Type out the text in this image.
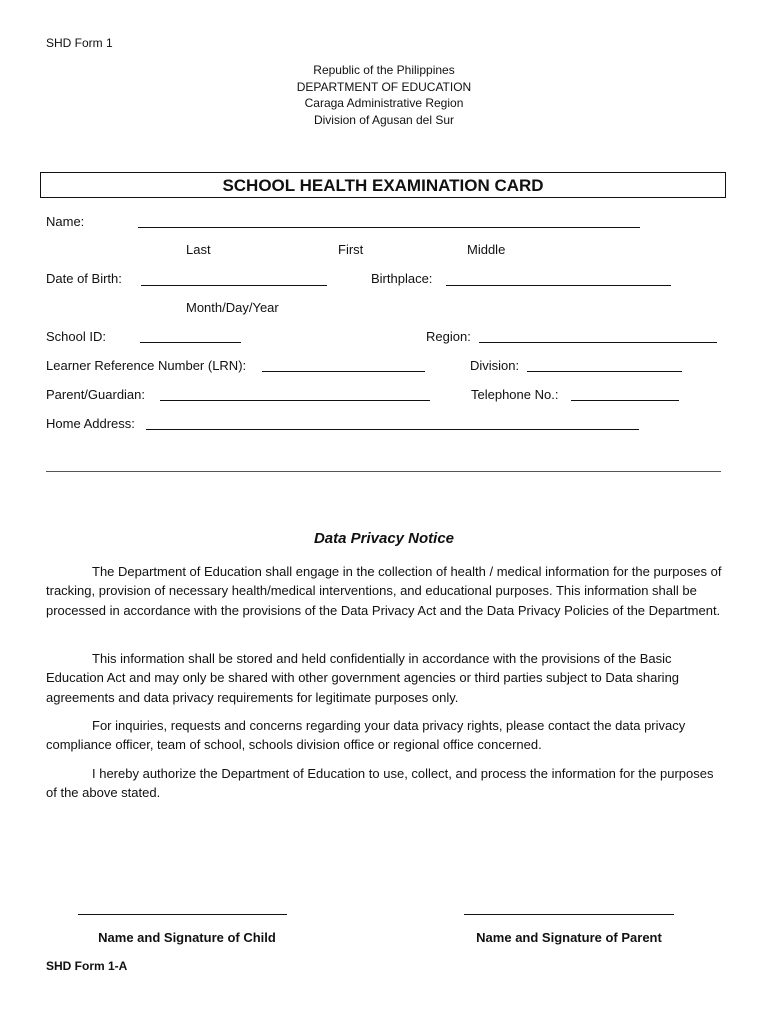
SHD Form 1
Republic of the Philippines
DEPARTMENT OF EDUCATION
Caraga Administrative Region
Division of Agusan del Sur
SCHOOL HEALTH EXAMINATION CARD
Name:
Last	First	Middle
Date of Birth:	Birthplace:
Month/Day/Year
School ID:	Region:
Learner Reference Number (LRN):	Division:
Parent/Guardian:	Telephone No.:
Home Address:
Data Privacy Notice
The Department of Education shall engage in the collection of health / medical information for the purposes of tracking, provision of necessary health/medical interventions, and educational purposes. This information shall be processed in accordance with the provisions of the Data Privacy Act and the Data Privacy Policies of the Department.
This information shall be stored and held confidentially in accordance with the provisions of the Basic Education Act and may only be shared with other government agencies or third parties subject to Data sharing agreements and data privacy requirements for legitimate purposes only.
For inquiries, requests and concerns regarding your data privacy rights, please contact the data privacy compliance officer, team of school, schools division office or regional office concerned.
I hereby authorize the Department of Education to use, collect, and process the information for the purposes of the above stated.
Name and Signature of Child	Name and Signature of Parent
SHD Form 1-A
